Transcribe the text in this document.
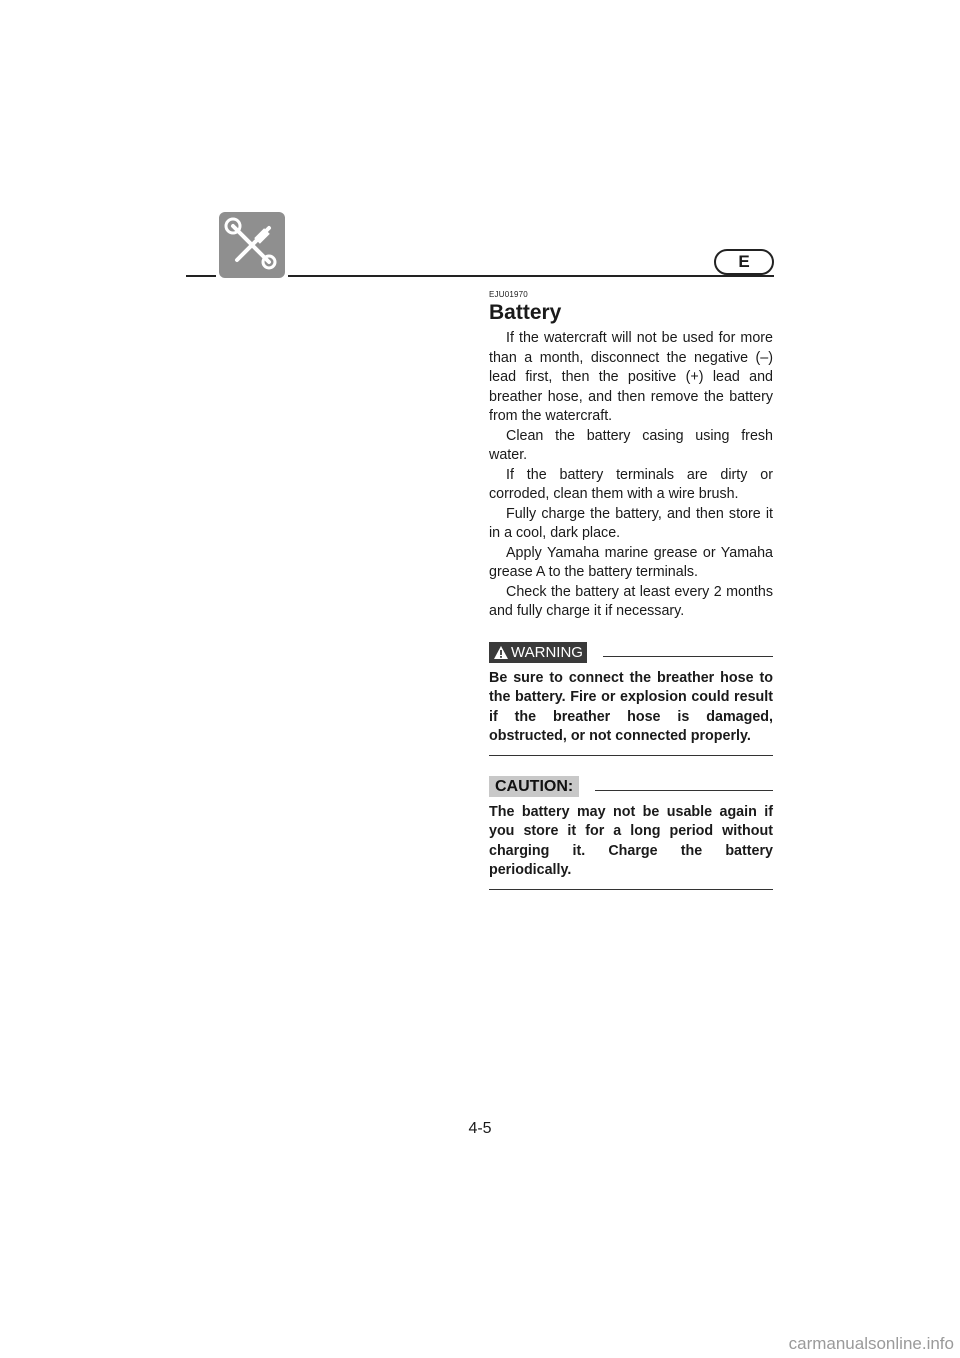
E

EJU01970

Battery

If the watercraft will not be used for more than a month, disconnect the negative (–) lead first, then the positive (+) lead and breather hose, and then remove the battery from the watercraft.

Clean the battery casing using fresh water.

If the battery terminals are dirty or corroded, clean them with a wire brush.

Fully charge the battery, and then store it in a cool, dark place.

Apply Yamaha marine grease or Yamaha grease A to the battery terminals.

Check the battery at least every 2 months and fully charge it if necessary.

WARNING

Be sure to connect the breather hose to the battery. Fire or explosion could result if the breather hose is damaged, obstructed, or not connected properly.

CAUTION:

The battery may not be usable again if you store it for a long period without charging it. Charge the battery periodically.

4-5
carmanualsonline.info
